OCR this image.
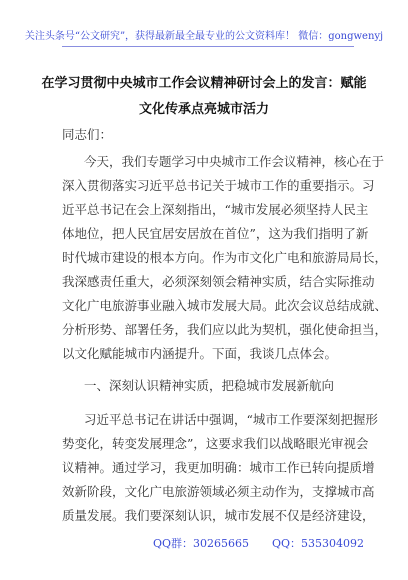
关注头条号“公文研究”，获得最新最全最专业的公文资料库！ 微信：gongwenyj
在学习贯彻中央城市工作会议精神研讨会上的发言：赋能
文化传承点亮城市活力
同志们：
今天，我们专题学习中央城市工作会议精神，核心在于
深入贯彻落实习近平总书记关于城市工作的重要指示。习
近平总书记在会上深刻指出，“城市发展必须坚持人民主
体地位，把人民宜居安居放在首位”，这为我们指明了新
时代城市建设的根本方向。作为市文化广电和旅游局局长，
我深感责任重大，必须深刻领会精神实质，结合实际推动
文化广电旅游事业融入城市发展大局。此次会议总结成就、
分析形势、部署任务，我们应以此为契机，强化使命担当，
以文化赋能城市内涵提升。下面，我谈几点体会。
一、深刻认识精神实质，把稳城市发展新航向
习近平总书记在讲话中强调，“城市工作要深刻把握形
势变化，转变发展理念”，这要求我们以战略眼光审视会
议精神。通过学习，我更加明确：城市工作已转向提质增
效新阶段，文化广电旅游领域必须主动作为，支撑城市高
质量发展。我们要深刻认识，城市发展不仅是经济建设，
QQ群：30265665 QQ：535304092
